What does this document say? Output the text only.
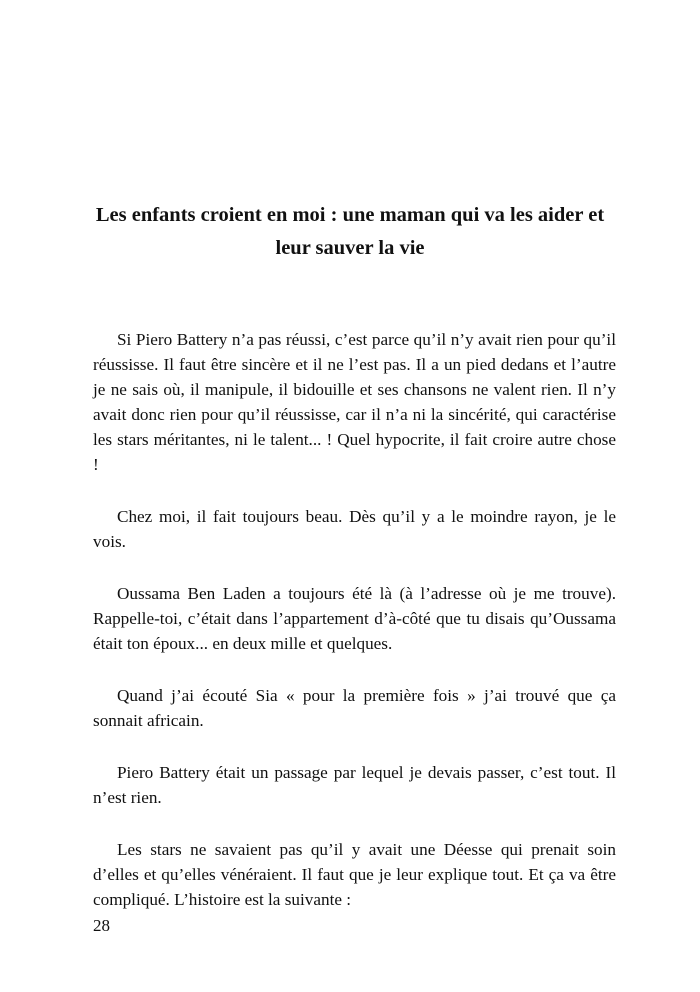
Les enfants croient en moi : une maman qui va les aider et leur sauver la vie

Si Piero Battery n’a pas réussi, c’est parce qu’il n’y avait rien pour qu’il réussisse. Il faut être sincère et il ne l’est pas. Il a un pied dedans et l’autre je ne sais où, il manipule, il bidouille et ses chansons ne valent rien. Il n’y avait donc rien pour qu’il réussisse, car il n’a ni la sincérité, qui caractérise les stars méritantes, ni le talent... ! Quel hypocrite, il fait croire autre chose !

Chez moi, il fait toujours beau. Dès qu’il y a le moindre rayon, je le vois.

Oussama Ben Laden a toujours été là (à l’adresse où je me trouve). Rappelle-toi, c’était dans l’appartement d’à-côté que tu disais qu’Oussama était ton époux... en deux mille et quelques.

Quand j’ai écouté Sia « pour la première fois » j’ai trouvé que ça sonnait africain.

Piero Battery était un passage par lequel je devais passer, c’est tout. Il n’est rien.

Les stars ne savaient pas qu’il y avait une Déesse qui prenait soin d’elles et qu’elles vénéraient. Il faut que je leur explique tout. Et ça va être compliqué. L’histoire est la suivante :

28
